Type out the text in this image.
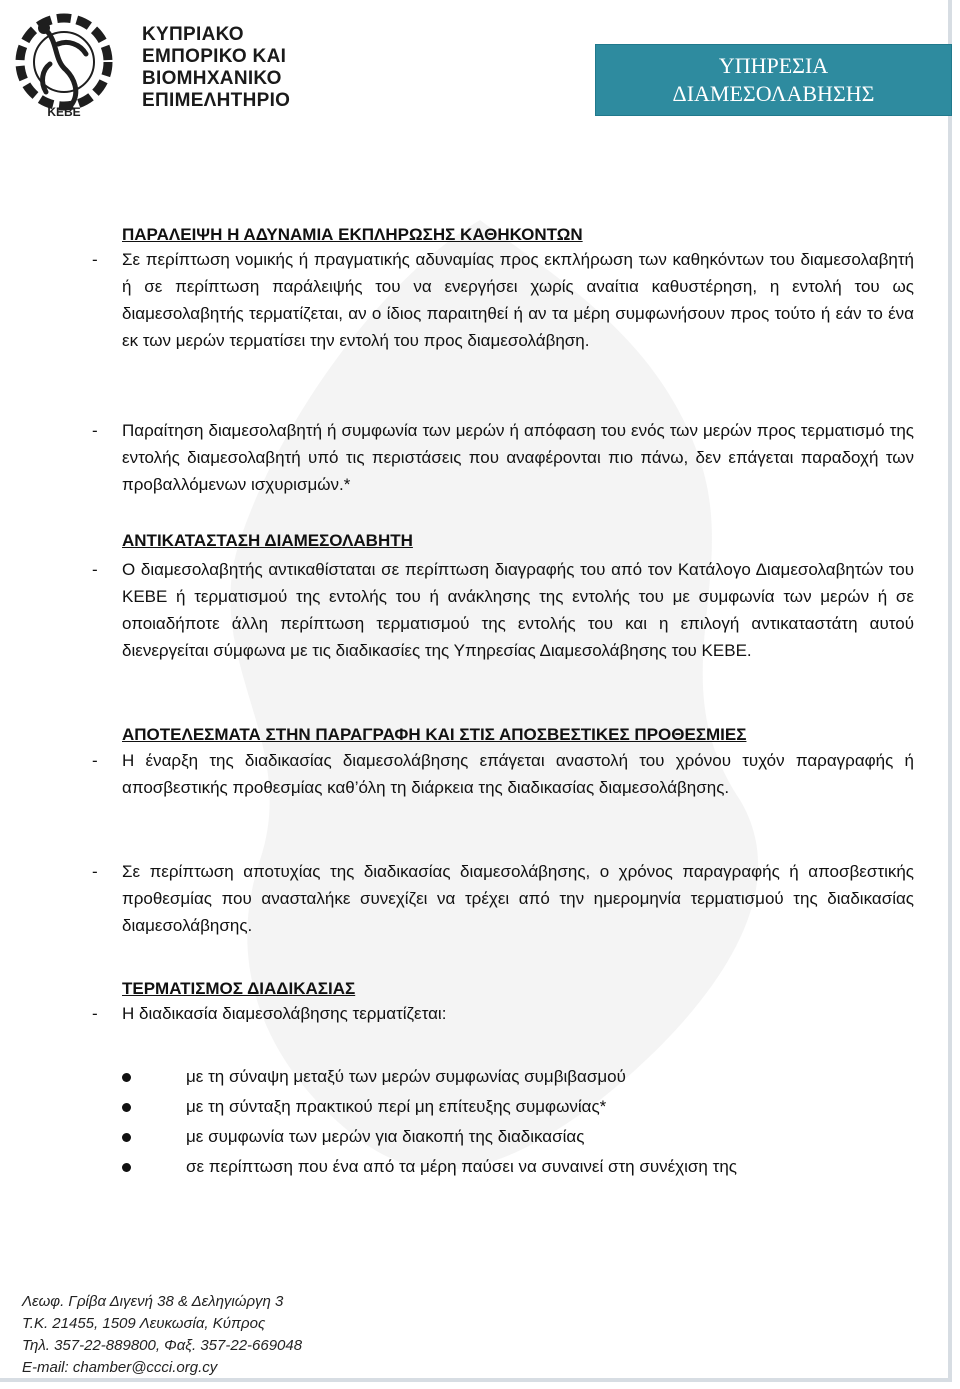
ΚΕΒΕ
ΚΥΠΡΙΑΚΟ
ΕΜΠΟΡΙΚΟ ΚΑΙ
ΒΙΟΜΗΧΑΝΙΚΟ
ΕΠΙΜΕΛΗΤΗΡΙΟ
ΥΠΗΡΕΣΙΑ
ΔΙΑΜΕΣΟΛΑΒΗΣΗΣ
ΠΑΡΑΛΕΙΨΗ Η ΑΔΥΝΑΜΙΑ ΕΚΠΛΗΡΩΣΗΣ ΚΑΘΗΚΟΝΤΩΝ
- Σε περίπτωση νομικής ή πραγματικής αδυναμίας προς εκπλήρωση των καθηκόντων του διαμεσολαβητή ή σε περίπτωση παράλειψής του να ενεργήσει χωρίς αναίτια καθυστέρηση, η εντολή του ως διαμεσολαβητής τερματίζεται, αν ο ίδιος παραιτηθεί ή αν τα μέρη συμφωνήσουν προς τούτο ή εάν το ένα εκ των μερών τερματίσει την εντολή του προς διαμεσολάβηση.
- Παραίτηση διαμεσολαβητή ή συμφωνία των μερών ή απόφαση του ενός των μερών προς τερματισμό της εντολής διαμεσολαβητή υπό τις περιστάσεις που αναφέρονται πιο πάνω, δεν επάγεται παραδοχή των προβαλλόμενων ισχυρισμών.*
ΑΝΤΙΚΑΤΑΣΤΑΣΗ ΔΙΑΜΕΣΟΛΑΒΗΤΗ
- Ο διαμεσολαβητής αντικαθίσταται σε περίπτωση διαγραφής του από τον Κατάλογο Διαμεσολαβητών του ΚΕΒΕ ή τερματισμού της εντολής του ή ανάκλησης της εντολής του με συμφωνία των μερών ή σε οποιαδήποτε άλλη περίπτωση τερματισμού της εντολής του και η επιλογή αντικαταστάτη αυτού διενεργείται σύμφωνα με τις διαδικασίες της Υπηρεσίας Διαμεσολάβησης του ΚΕΒΕ.
ΑΠΟΤΕΛΕΣΜΑΤΑ ΣΤΗΝ ΠΑΡΑΓΡΑΦΗ ΚΑΙ ΣΤΙΣ ΑΠΟΣΒΕΣΤΙΚΕΣ ΠΡΟΘΕΣΜΙΕΣ
- Η έναρξη της διαδικασίας διαμεσολάβησης επάγεται αναστολή του χρόνου τυχόν παραγραφής ή αποσβεστικής προθεσμίας καθ’όλη τη διάρκεια της διαδικασίας διαμεσολάβησης.
- Σε περίπτωση αποτυχίας της διαδικασίας διαμεσολάβησης, ο χρόνος παραγραφής ή αποσβεστικής προθεσμίας που ανασταλήκε συνεχίζει να τρέχει από την ημερομηνία τερματισμού της διαδικασίας διαμεσολάβησης.
ΤΕΡΜΑΤΙΣΜΟΣ ΔΙΑΔΙΚΑΣΙΑΣ
- Η διαδικασία διαμεσολάβησης τερματίζεται:
με τη σύναψη μεταξύ των μερών συμφωνίας συμβιβασμού
με τη σύνταξη πρακτικού περί μη επίτευξης συμφωνίας*
με συμφωνία των μερών για διακοπή της διαδικασίας
σε περίπτωση που ένα από τα μέρη παύσει να συναινεί στη συνέχιση της
Λεωφ. Γρίβα Διγενή 38 & Δεληγιώργη 3
Τ.Κ. 21455, 1509 Λευκωσία, Κύπρος
Τηλ. 357-22-889800, Φαξ. 357-22-669048
E-mail: chamber@ccci.org.cy
